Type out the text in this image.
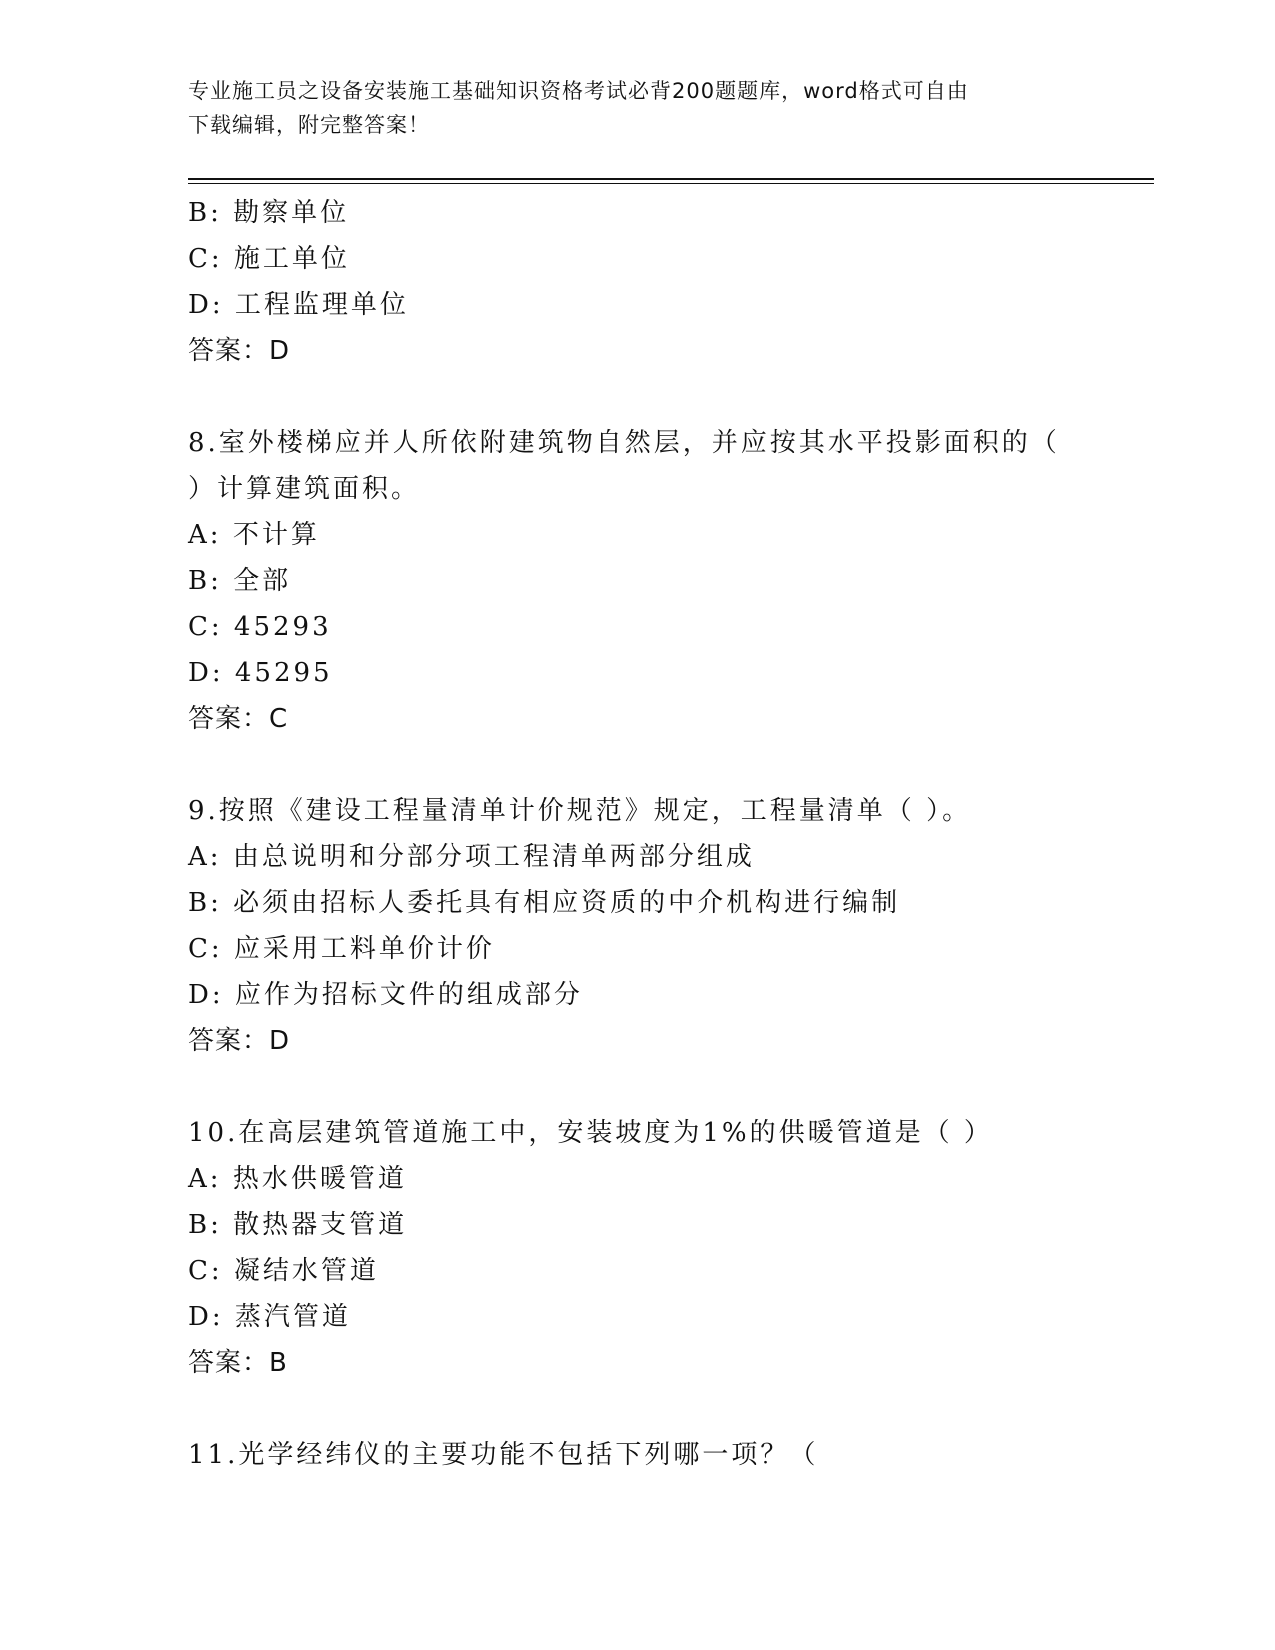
专业施工员之设备安装施工基础知识资格考试必背200题题库，word格式可自由
下载编辑，附完整答案！
B: 勘察单位
C: 施工单位
D: 工程监理单位
答案：D
8.室外楼梯应并人所依附建筑物自然层，并应按其水平投影面积的（
）计算建筑面积。
A: 不计算
B: 全部
C: 45293
D: 45295
答案：C
9.按照《建设工程量清单计价规范》规定，工程量清单（ ）。
A: 由总说明和分部分项工程清单两部分组成
B: 必须由招标人委托具有相应资质的中介机构进行编制
C: 应采用工料单价计价
D: 应作为招标文件的组成部分
答案：D
10.在高层建筑管道施工中，安装坡度为1%的供暖管道是（ ）
A: 热水供暖管道
B: 散热器支管道
C: 凝结水管道
D: 蒸汽管道
答案：B
11.光学经纬仪的主要功能不包括下列哪一项？（
